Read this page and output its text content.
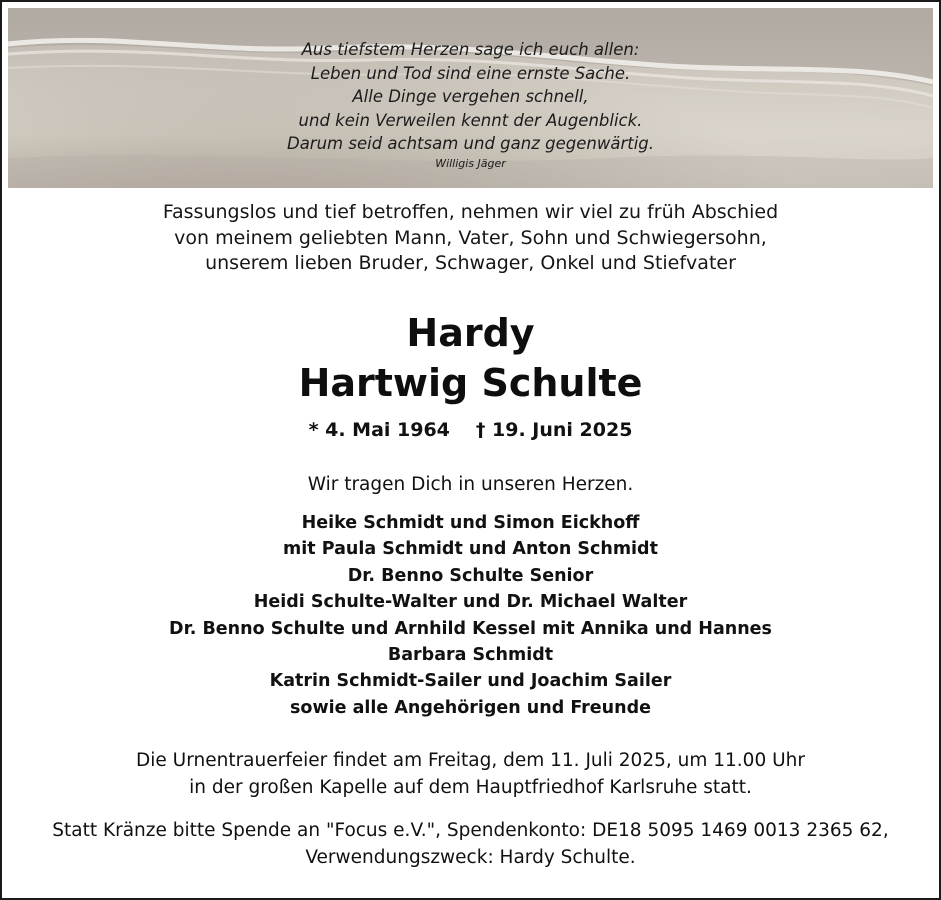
Aus tiefstem Herzen sage ich euch allen:
Leben und Tod sind eine ernste Sache.
Alle Dinge vergehen schnell,
und kein Verweilen kennt der Augenblick.
Darum seid achtsam und ganz gegenwärtig.
Willigis Jäger
Fassungslos und tief betroffen, nehmen wir viel zu früh Abschied
von meinem geliebten Mann, Vater, Sohn und Schwiegersohn,
unserem lieben Bruder, Schwager, Onkel und Stiefvater
Hardy
Hartwig Schulte
* 4. Mai 1964 † 19. Juni 2025
Wir tragen Dich in unseren Herzen.
Heike Schmidt und Simon Eickhoff
mit Paula Schmidt und Anton Schmidt
Dr. Benno Schulte Senior
Heidi Schulte-Walter und Dr. Michael Walter
Dr. Benno Schulte und Arnhild Kessel mit Annika und Hannes
Barbara Schmidt
Katrin Schmidt-Sailer und Joachim Sailer
sowie alle Angehörigen und Freunde
Die Urnentrauerfeier findet am Freitag, dem 11. Juli 2025, um 11.00 Uhr
in der großen Kapelle auf dem Hauptfriedhof Karlsruhe statt.
Statt Kränze bitte Spende an "Focus e.V.", Spendenkonto: DE18 5095 1469 0013 2365 62,
Verwendungszweck: Hardy Schulte.
